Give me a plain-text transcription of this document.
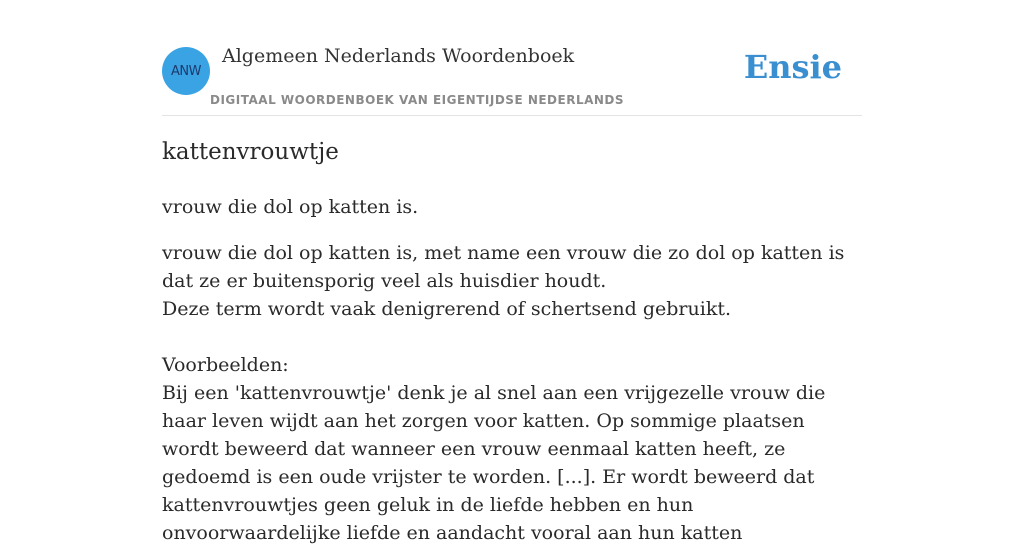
ANW
Algemeen Nederlands Woordenboek
DIGITAAL WOORDENBOEK VAN EIGENTIJDSE NEDERLANDS
Ensie
kattenvrouwtje

vrouw die dol op katten is.

vrouw die dol op katten is, met name een vrouw die zo dol op katten is dat ze er buitensporig veel als huisdier houdt.

Deze term wordt vaak denigrerend of schertsend gebruikt.

Voorbeelden:

Bij een 'kattenvrouwtje' denk je al snel aan een vrijgezelle vrouw die haar leven wijdt aan het zorgen voor katten. Op sommige plaatsen wordt beweerd dat wanneer een vrouw eenmaal katten heeft, ze gedoemd is een oude vrijster te worden. [...]. Er wordt beweerd dat kattenvrouwtjes geen geluk in de liefde hebben en hun onvoorwaardelijke liefde en aandacht vooral aan hun katten
